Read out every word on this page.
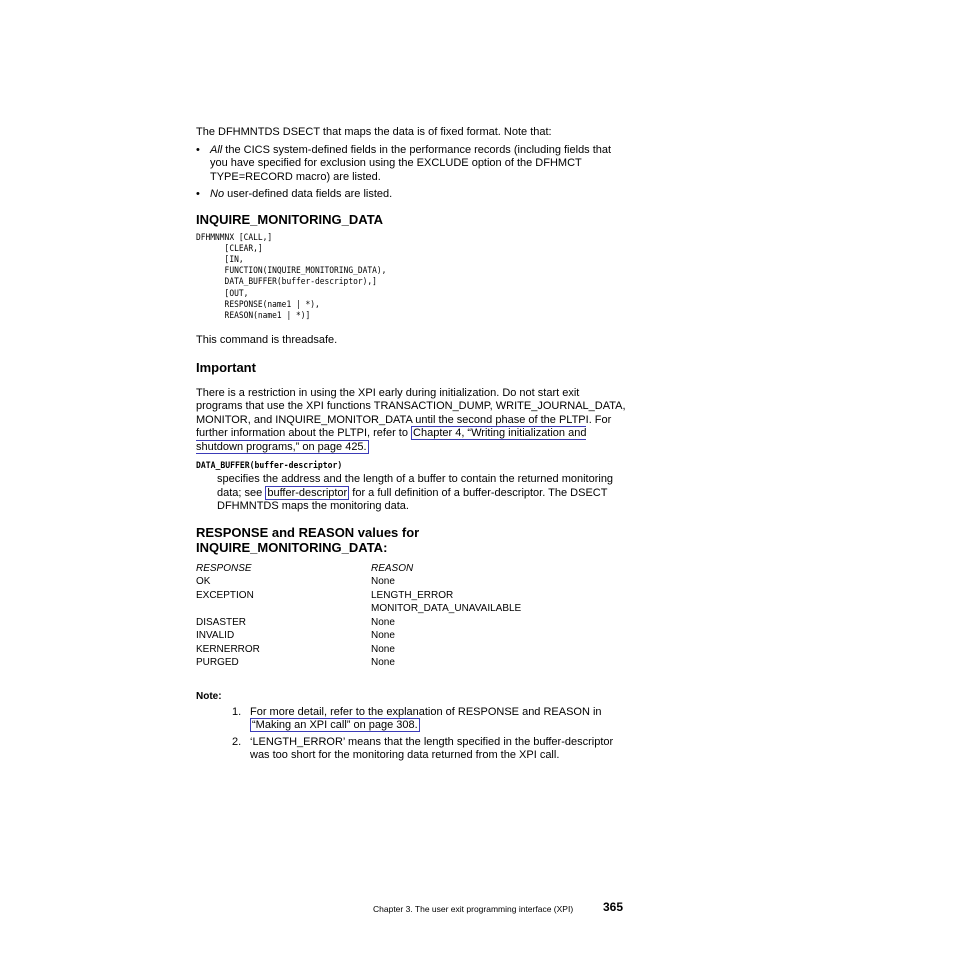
The DFHMNTDS DSECT that maps the data is of fixed format. Note that:

• All the CICS system-defined fields in the performance records (including fields that you have specified for exclusion using the EXCLUDE option of the DFHMCT TYPE=RECORD macro) are listed.
• No user-defined data fields are listed.
INQUIRE_MONITORING_DATA
DFHMNMNX [CALL,]
[CLEAR,]
[IN,
FUNCTION(INQUIRE_MONITORING_DATA),
DATA_BUFFER(buffer-descriptor),]
[OUT,
RESPONSE(name1 | *),
REASON(name1 | *)]

This command is threadsafe.

Important

There is a restriction in using the XPI early during initialization. Do not start exit programs that use the XPI functions TRANSACTION_DUMP, WRITE_JOURNAL_DATA, MONITOR, and INQUIRE_MONITOR_DATA until the second phase of the PLTPI. For further information about the PLTPI, refer to Chapter 4, “Writing initialization and shutdown programs,” on page 425.

DATA_BUFFER(buffer-descriptor)

specifies the address and the length of a buffer to contain the returned monitoring data; see buffer-descriptor for a full definition of a buffer-descriptor. The DSECT DFHMNTDS maps the monitoring data.

RESPONSE and REASON values for
INQUIRE_MONITORING_DATA:
RESPONSE	REASON
OK	None
EXCEPTION	LENGTH_ERROR
	MONITOR_DATA_UNAVAILABLE
DISASTER	None
INVALID	None
KERNERROR	None
PURGED	None
Note:
1. For more detail, refer to the explanation of RESPONSE and REASON in “Making an XPI call” on page 308.
2. ‘LENGTH_ERROR’ means that the length specified in the buffer-descriptor was too short for the monitoring data returned from the XPI call.
Chapter 3. The user exit programming interface (XPI) 365
